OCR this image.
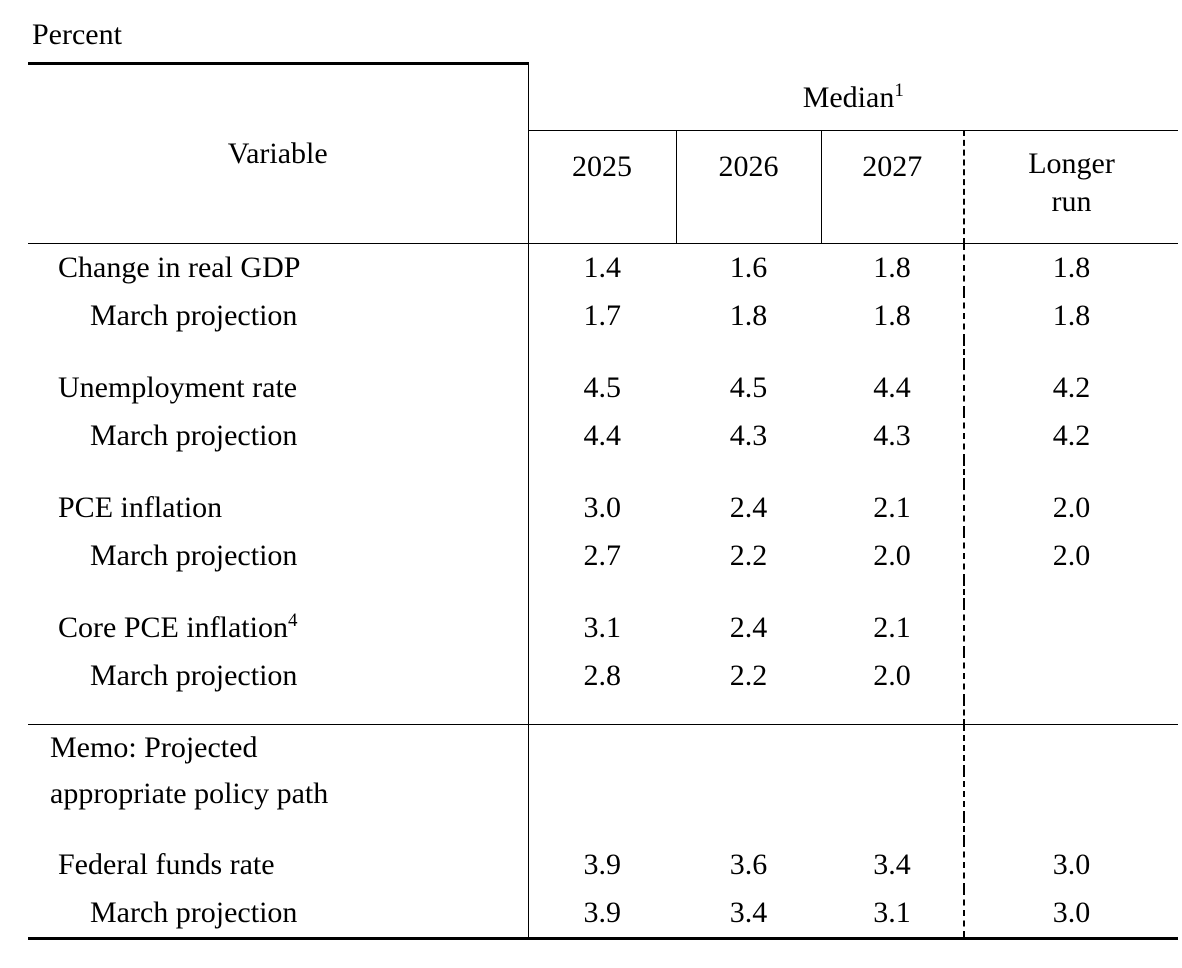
Percent
Variable	Median$^1$
	2025	2026	2027	Longer
run

Change in real GDP	1.4	1.6	1.8	1.8
March projection	1.7	1.8	1.8	1.8

Unemployment rate	4.5	4.5	4.4	4.2
March projection	4.4	4.3	4.3	4.2

PCE inflation	3.0	2.4	2.1	2.0
March projection	2.7	2.2	2.0	2.0

Core PCE inflation$^4$	3.1	2.4	2.1	
March projection	2.8	2.2	2.0	

Memo: Projected				
appropriate policy path				

Federal funds rate	3.9	3.6	3.4	3.0
March projection	3.9	3.4	3.1	3.0
